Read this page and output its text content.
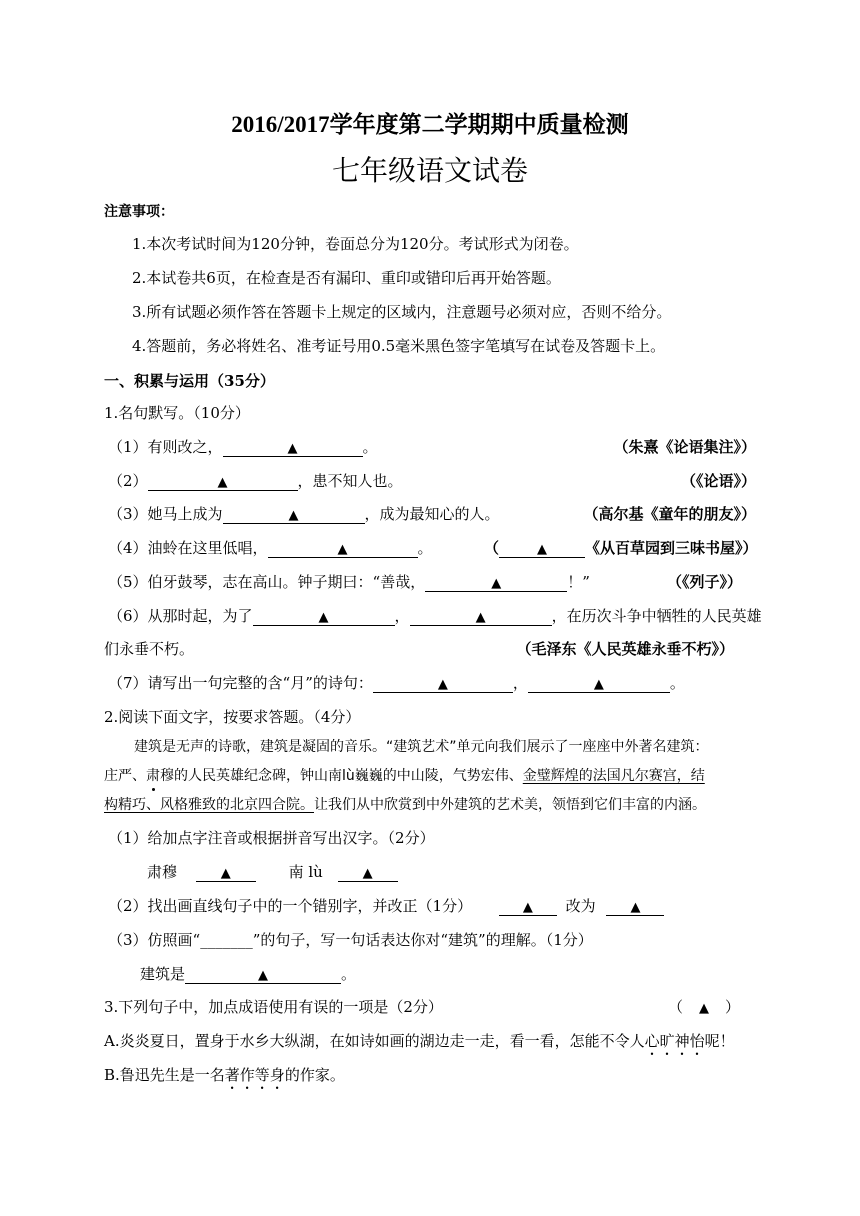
2016/2017学年度第二学期期中质量检测
七年级语文试卷
注意事项：
1.本次考试时间为120分钟，卷面总分为120分。考试形式为闭卷。
2.本试卷共6页，在检查是否有漏印、重印或错印后再开始答题。
3.所有试题必须作答在答题卡上规定的区域内，注意题号必须对应，否则不给分。
4.答题前，务必将姓名、准考证号用0.5毫米黑色签字笔填写在试卷及答题卡上。
一、积累与运用（35分）
1.名句默写。（10分）
（1）有则改之，	▲	。	（朱熹《论语集注》）
（2）	▲	，患不知人也。	（《论语》）
（3）她马上成为	▲	，成为最知心的人。	（高尔基《童年的朋友》）
（4）油蛉在这里低唱，	▲	。	（	▲	《从百草园到三味书屋》）
（5）伯牙鼓琴，志在高山。钟子期曰：“善哉，	▲	！”	（《列子》）
（6）从那时起，为了	▲	，	▲	，在历次斗争中牺牲的人民英雄
们永垂不朽。	（毛泽东《人民英雄永垂不朽》）
（7）请写出一句完整的含“月”的诗句：	▲	，	▲	。
2.阅读下面文字，按要求答题。（4分）
建筑是无声的诗歌，建筑是凝固的音乐。“建筑艺术”单元向我们展示了一座座中外著名建筑：
庄严、肃穆的人民英雄纪念碑，钟山南lù巍巍的中山陵，气势宏伟、金璧辉煌的法国凡尔赛宫，结
构精巧、风格雅致的北京四合院。让我们从中欣赏到中外建筑的艺术美，领悟到它们丰富的内涵。
（1）给加点字注音或根据拼音写出汉字。（2分）
肃穆	▲	南 lù	▲
（2）找出画直线句子中的一个错别字，并改正（1分）	▲ 改为	▲
（3）仿照画“_______”的句子，写一句话表达你对“建筑”的理解。（1分）
建筑是	▲	。
3.下列句子中，加点成语使用有误的一项是（2分）	（ ▲ ）
A.炎炎夏日，置身于水乡大纵湖，在如诗如画的湖边走一走，看一看，怎能不令人心旷神怡呢！
B.鲁迅先生是一名著作等身的作家。
